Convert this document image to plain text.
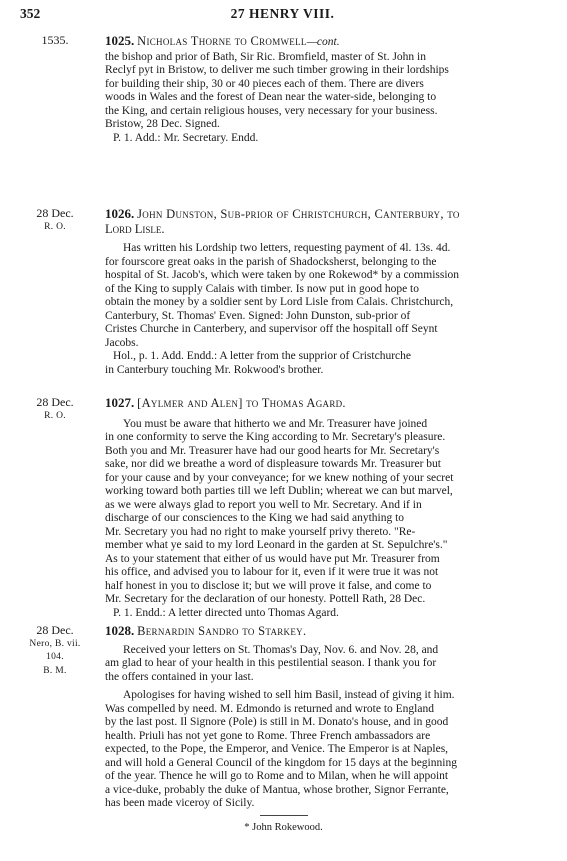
352	27 HENRY VIII.
1535.	1025. Nicholas Thorne to Cromwell—cont.

the bishop and prior of Bath, Sir Ric. Bromfield, master of St. John in
Reclyf pyt in Bristow, to deliver me such timber growing in their lordships
for building their ship, 30 or 40 pieces each of them. There are divers
woods in Wales and the forest of Dean near the water-side, belonging to
the King, and certain religious houses, very necessary for your business.
Bristow, 28 Dec. Signed.
P. 1. Add.: Mr. Secretary. Endd.
28 Dec.
R. O.

1026. John Dunston, Sub-prior of Christchurch, Canterbury, to

Lord Lisle.
Has written his Lordship two letters, requesting payment of 4l. 13s. 4d.
for fourscore great oaks in the parish of Shadocksherst, belonging to the
hospital of St. Jacob's, which were taken by one Rokewod* by a commission
of the King to supply Calais with timber. Is now put in good hope to
obtain the money by a soldier sent by Lord Lisle from Calais. Christchurch,
Canterbury, St. Thomas' Even. Signed: John Dunston, sub-prior of
Cristes Churche in Canterbery, and supervisor off the hospitall off Seynt
Jacobs.
Hol., p. 1. Add. Endd.: A letter from the supprior of Cristchurche
in Canterbury touching Mr. Rokwood's brother.
28 Dec.
R. O.

1027. [Aylmer and Alen] to Thomas Agard.

You must be aware that hitherto we and Mr. Treasurer have joined
in one conformity to serve the King according to Mr. Secretary's pleasure.
Both you and Mr. Treasurer have had our good hearts for Mr. Secretary's
sake, nor did we breathe a word of displeasure towards Mr. Treasurer but
for your cause and by your conveyance; for we knew nothing of your secret
working toward both parties till we left Dublin; whereat we can but marvel,
as we were always glad to report you well to Mr. Secretary. And if in
discharge of our consciences to the King we had said anything to
Mr. Secretary you had no right to make yourself privy thereto. "Re-
member what ye said to my lord Leonard in the garden at St. Sepulchre's."
As to your statement that either of us would have put Mr. Treasurer from
his office, and advised you to labour for it, even if it were true it was not
half honest in you to disclose it; but we will prove it false, and come to
Mr. Secretary for the declaration of our honesty. Pottell Rath, 28 Dec.
P. 1. Endd.: A letter directed unto Thomas Agard.
28 Dec.
Nero, B. vii.
104.
B. M.

1028. Bernardin Sandro to Starkey.

Received your letters on St. Thomas's Day, Nov. 6. and Nov. 28, and
am glad to hear of your health in this pestilential season. I thank you for
the offers contained in your last.
Apologises for having wished to sell him Basil, instead of giving it him.
Was compelled by need. M. Edmondo is returned and wrote to England
by the last post. Il Signore (Pole) is still in M. Donato's house, and in good
health. Priuli has not yet gone to Rome. Three French ambassadors are
expected, to the Pope, the Emperor, and Venice. The Emperor is at Naples,
and will hold a General Council of the kingdom for 15 days at the beginning
of the year. Thence he will go to Rome and to Milan, when he will appoint
a vice-duke, probably the duke of Mantua, whose brother, Signor Ferrante,
has been made viceroy of Sicily.
* John Rokewood.
